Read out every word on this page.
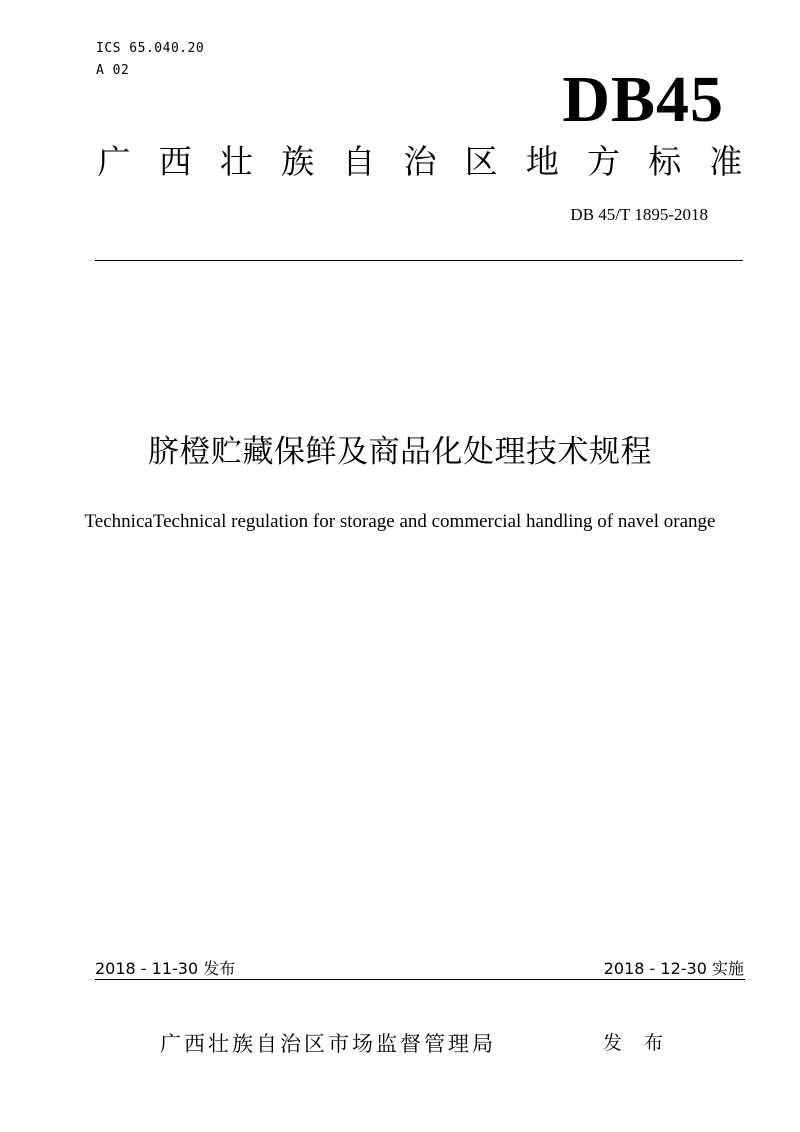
ICS 65.040.20
A 02	DB45
广 西 壮 族 自 治 区 地 方 标 准
DB 45/T 1895-2018
脐橙贮藏保鲜及商品化处理技术规程
TechnicaTechnical regulation for storage and commercial handling of navel orange
2018 - 11-30 发布	2018 - 12-30 实施
广西壮族自治区市场监督管理局	发 布
